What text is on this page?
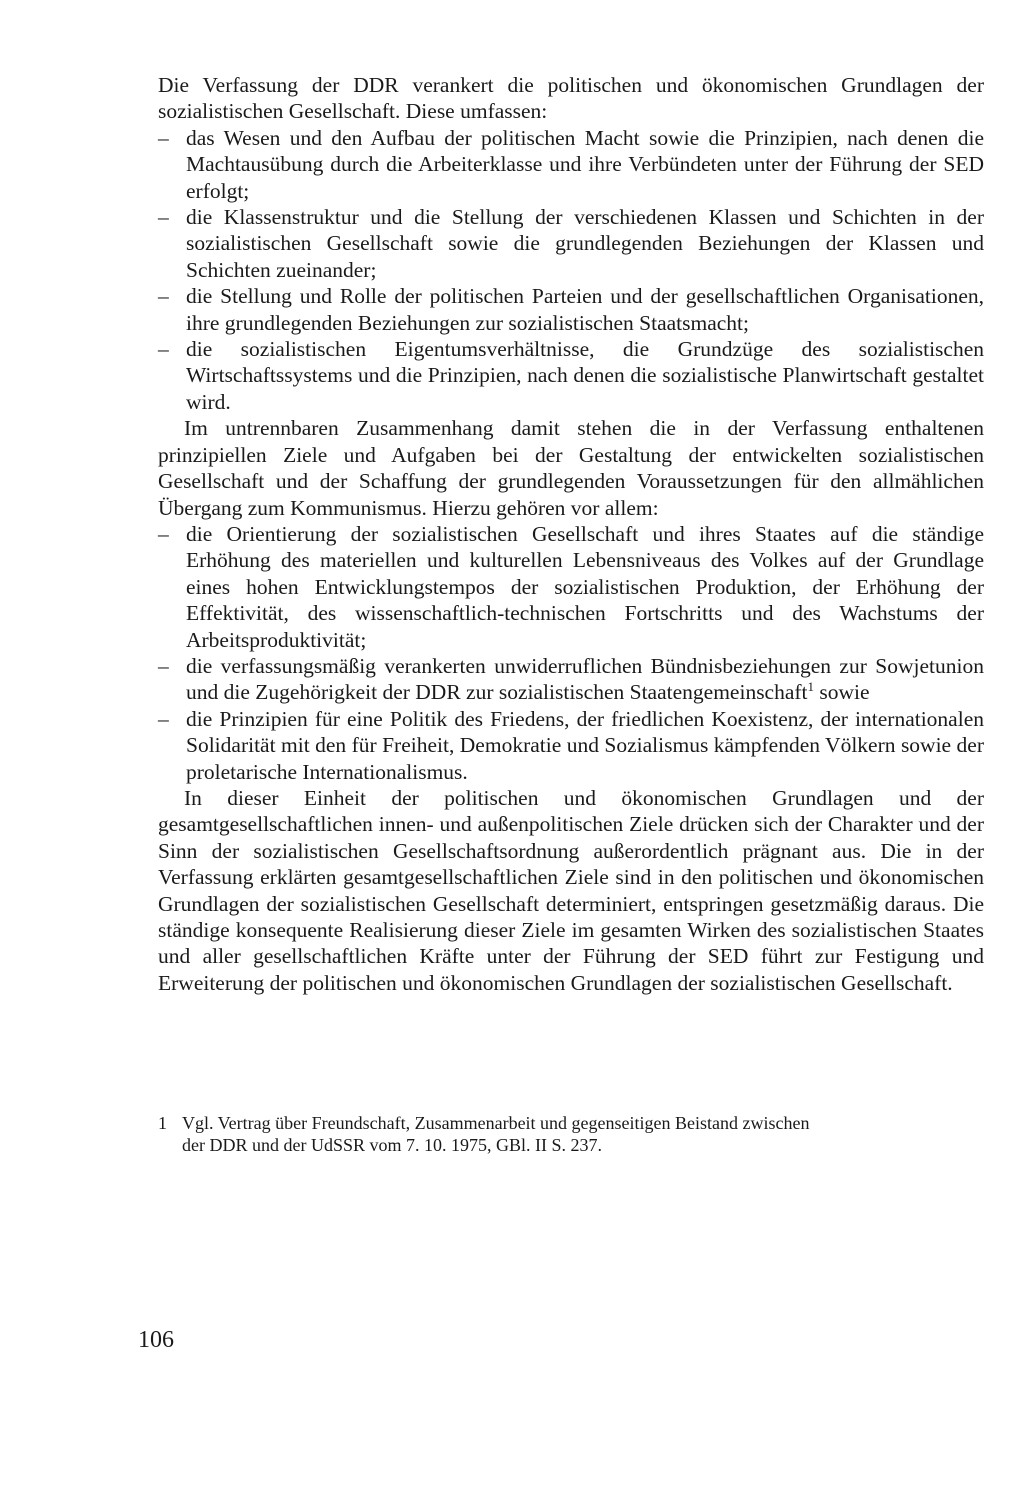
Die Verfassung der DDR verankert die politischen und ökonomischen Grundlagen der sozialistischen Gesellschaft. Diese umfassen:

– das Wesen und den Aufbau der politischen Macht sowie die Prinzipien, nach denen die Machtausübung durch die Arbeiterklasse und ihre Verbündeten unter der Führung der SED erfolgt;
– die Klassenstruktur und die Stellung der verschiedenen Klassen und Schichten in der sozialistischen Gesellschaft sowie die grundlegenden Beziehungen der Klassen und Schichten zueinander;
– die Stellung und Rolle der politischen Parteien und der gesellschaftlichen Organisationen, ihre grundlegenden Beziehungen zur sozialistischen Staatsmacht;
– die sozialistischen Eigentumsverhältnisse, die Grundzüge des sozialistischen Wirtschaftssystems und die Prinzipien, nach denen die sozialistische Planwirtschaft gestaltet wird.

Im untrennbaren Zusammenhang damit stehen die in der Verfassung enthaltenen prinzipiellen Ziele und Aufgaben bei der Gestaltung der entwickelten sozialistischen Gesellschaft und der Schaffung der grundlegenden Voraussetzungen für den allmählichen Übergang zum Kommunismus. Hierzu gehören vor allem:

– die Orientierung der sozialistischen Gesellschaft und ihres Staates auf die ständige Erhöhung des materiellen und kulturellen Lebensniveaus des Volkes auf der Grundlage eines hohen Entwicklungstempos der sozialistischen Produktion, der Erhöhung der Effektivität, des wissenschaftlich-technischen Fortschritts und des Wachstums der Arbeitsproduktivität;
– die verfassungsmäßig verankerten unwiderruflichen Bündnisbeziehungen zur Sowjetunion und die Zugehörigkeit der DDR zur sozialistischen Staatengemeinschaft$^1$ sowie
– die Prinzipien für eine Politik des Friedens, der friedlichen Koexistenz, der internationalen Solidarität mit den für Freiheit, Demokratie und Sozialismus kämpfenden Völkern sowie der proletarische Internationalismus.

In dieser Einheit der politischen und ökonomischen Grundlagen und der gesamtgesellschaftlichen innen- und außenpolitischen Ziele drücken sich der Charakter und der Sinn der sozialistischen Gesellschaftsordnung außerordentlich prägnant aus. Die in der Verfassung erklärten gesamtgesellschaftlichen Ziele sind in den politischen und ökonomischen Grundlagen der sozialistischen Gesellschaft determiniert, entspringen gesetzmäßig daraus. Die ständige konsequente Realisierung dieser Ziele im gesamten Wirken des sozialistischen Staates und aller gesellschaftlichen Kräfte unter der Führung der SED führt zur Festigung und Erweiterung der politischen und ökonomischen Grundlagen der sozialistischen Gesellschaft.

1 Vgl. Vertrag über Freundschaft, Zusammenarbeit und gegenseitigen Beistand zwischen
der DDR und der UdSSR vom 7. 10. 1975, GBl. II S. 237.
106
